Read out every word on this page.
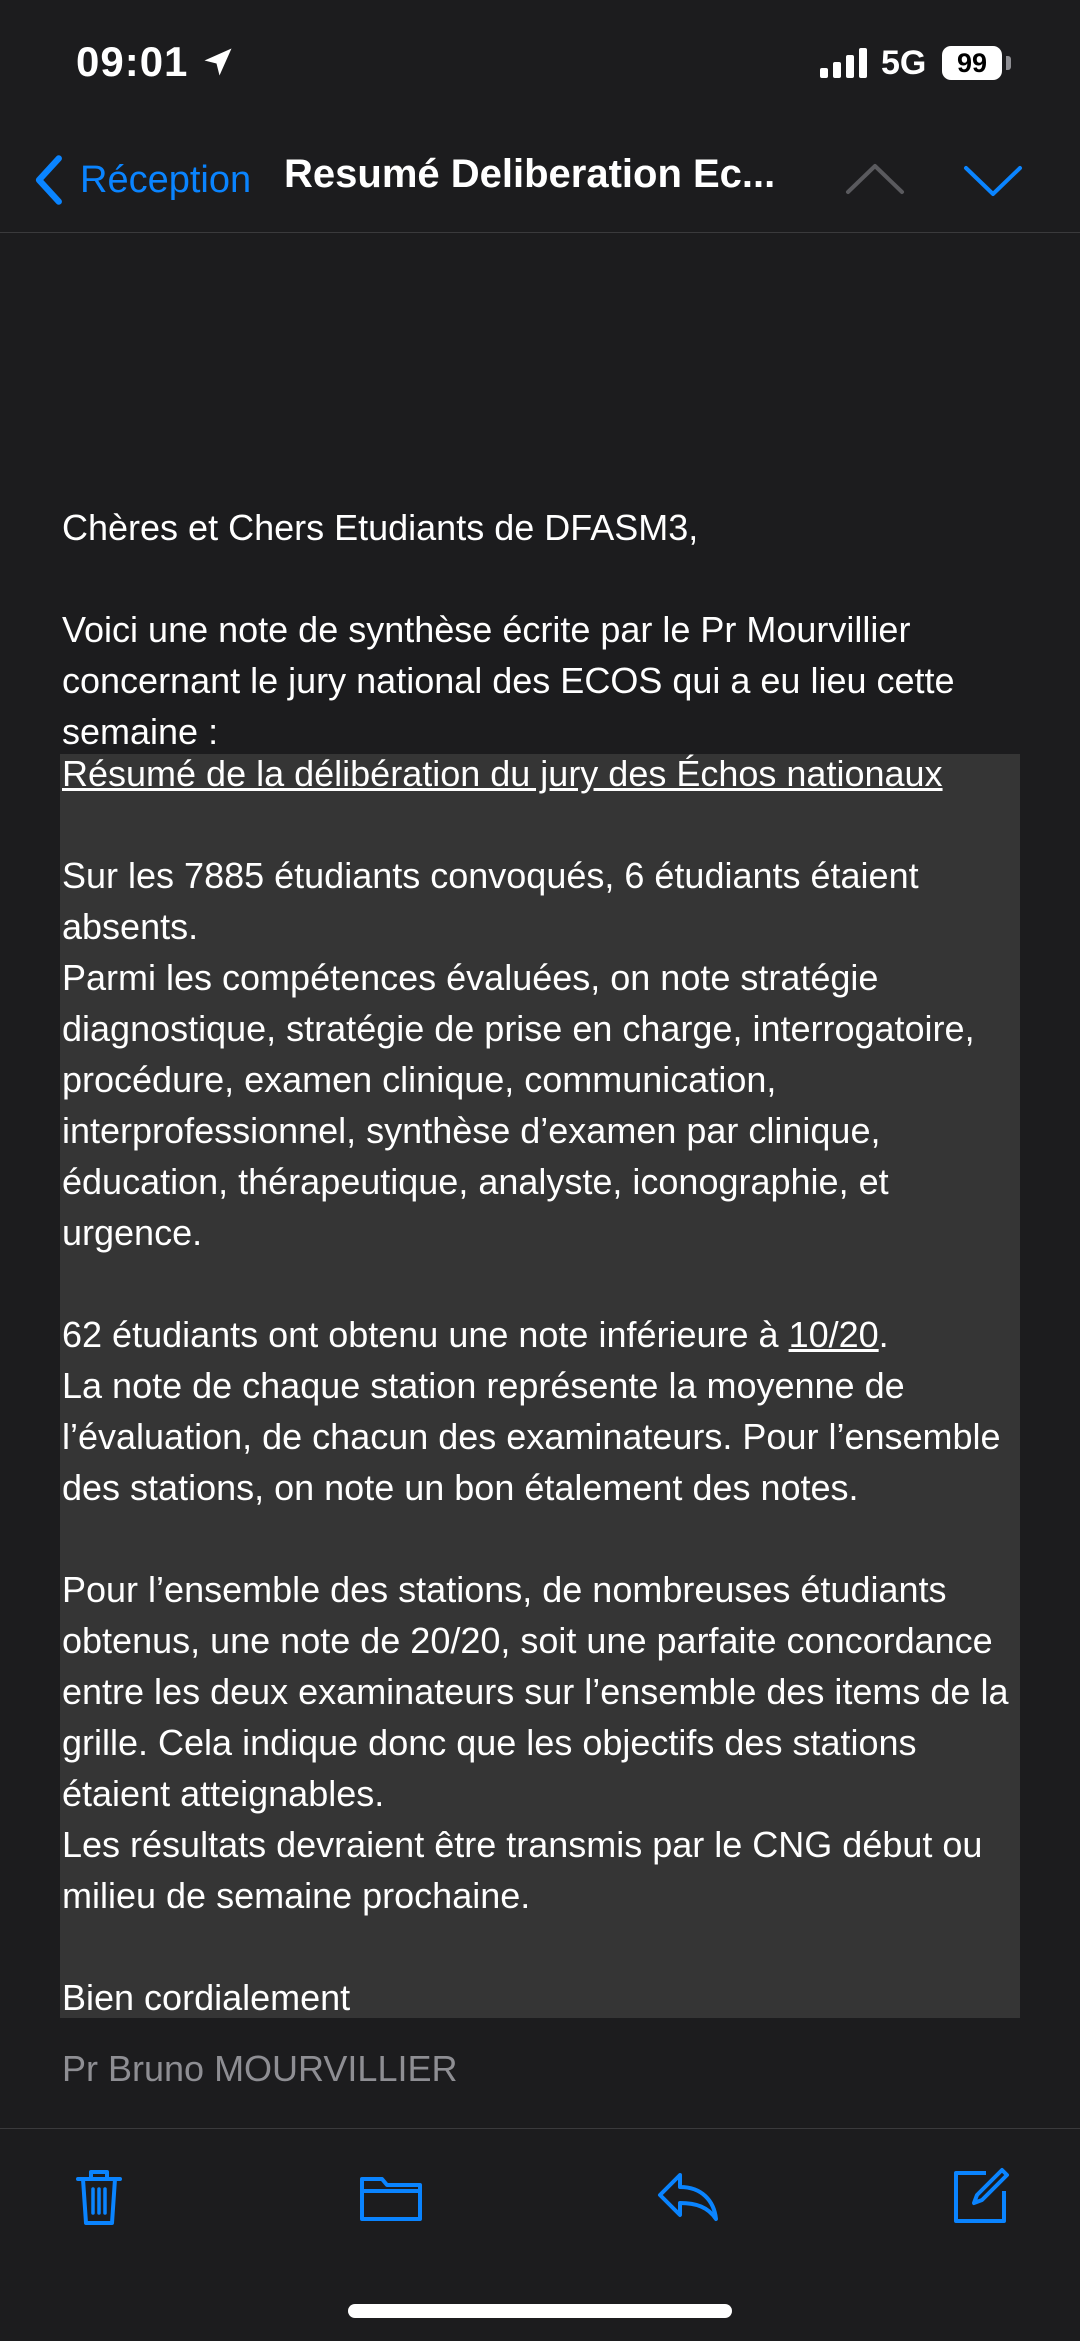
09:01	5G	99
Réception Resumé Deliberation Ec...
Chères et Chers Etudiants de DFASM3,
Voici une note de synthèse écrite par le Pr Mourvillier concernant le jury national des ECOS qui a eu lieu cette semaine :
Résumé de la délibération du jury des Échos nationaux
Sur les 7885 étudiants convoqués, 6 étudiants étaient absents.
Parmi les compétences évaluées, on note stratégie diagnostique, stratégie de prise en charge, interrogatoire, procédure, examen clinique, communication, interprofessionnel, synthèse d’examen par clinique, éducation, thérapeutique, analyste, iconographie, et urgence.
62 étudiants ont obtenu une note inférieure à 10/20.
La note de chaque station représente la moyenne de l’évaluation, de chacun des examinateurs. Pour l’ensemble des stations, on note un bon étalement des notes.
Pour l’ensemble des stations, de nombreuses étudiants obtenus, une note de 20/20, soit une parfaite concordance entre les deux examinateurs sur l’ensemble des items de la grille. Cela indique donc que les objectifs des stations étaient atteignables.
Les résultats devraient être transmis par le CNG début ou milieu de semaine prochaine.
Bien cordialement
Pr Bruno MOURVILLIER
